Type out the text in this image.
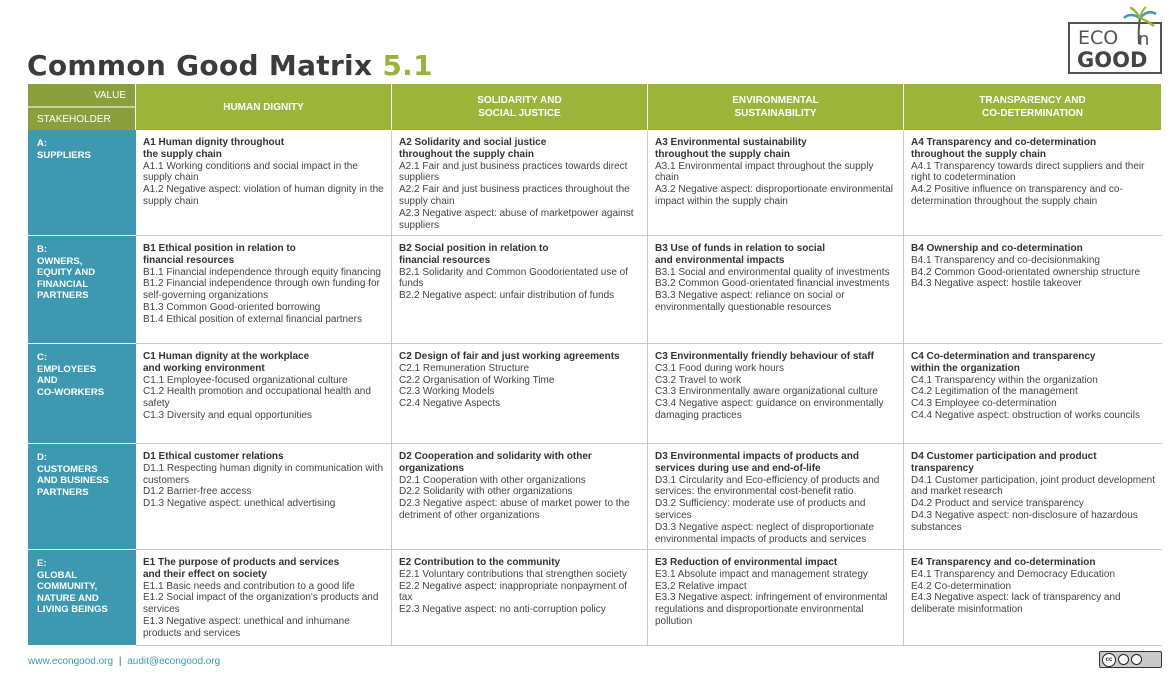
Common Good Matrix 5.1
ECO n
GOOD
VALUE
STAKEHOLDER
HUMAN DIGNITY
SOLIDARITY AND
SOCIAL JUSTICE
ENVIRONMENTAL
SUSTAINABILITY
TRANSPARENCY AND
CO-DETERMINATION
A:
SUPPLIERS
A1 Human dignity throughout
the supply chain
A1.1 Working conditions and social impact in the supply chain
A1.2 Negative aspect: violation of human dignity in the supply chain
A2 Solidarity and social justice
throughout the supply chain
A2.1 Fair and just business practices towards direct suppliers
A2.2 Fair and just business practices throughout the supply chain
A2.3 Negative aspect: abuse of marketpower against suppliers
A3 Environmental sustainability
throughout the supply chain
A3.1 Environmental impact throughout the supply chain
A3.2 Negative aspect: disproportionate environmental impact within the supply chain
A4 Transparency and co-determination
throughout the supply chain
A4.1 Transparency towards direct suppliers and their right to codetermination
A4.2 Positive influence on transparency and co-determination throughout the supply chain
B:
OWNERS,
EQUITY AND
FINANCIAL
PARTNERS
B1 Ethical position in relation to
financial resources
B1.1 Financial independence through equity financing
B1.2 Financial independence through own funding for self-governing organizations
B1.3 Common Good-oriented borrowing
B1.4 Ethical position of external financial partners
B2 Social position in relation to
financial resources
B2.1 Solidarity and Common Goodorientated use of funds
B2.2 Negative aspect: unfair distribution of funds
B3 Use of funds in relation to social
and environmental impacts
B3.1 Social and environmental quality of investments
B3.2 Common Good-orientated financial investments
B3.3 Negative aspect: reliance on social or environmentally questionable resources
B4 Ownership and co-determination
B4.1 Transparency and co-decisionmaking
B4.2 Common Good-orientated ownership structure
B4.3 Negative aspect: hostile takeover
C:
EMPLOYEES
AND
CO-WORKERS
C1 Human dignity at the workplace
and working environment
C1.1 Employee-focused organizational culture
C1.2 Health promotion and occupational health and safety
C1.3 Diversity and equal opportunities
C2 Design of fair and just working agreements
C2.1 Remuneration Structure
C2.2 Organisation of Working Time
C2.3 Working Models
C2.4 Negative Aspects
C3 Environmentally friendly behaviour of staff
C3.1 Food during work hours
C3.2 Travel to work
C3.3 Environmentally aware organizational culture
C3.4 Negative aspect: guidance on environmentally damaging practices
C4 Co-determination and transparency
within the organization
C4.1 Transparency within the organization
C4.2 Legitimation of the management
C4.3 Employee co-determination
C4.4 Negative aspect: obstruction of works councils
D:
CUSTOMERS
AND BUSINESS
PARTNERS
D1 Ethical customer relations
D1.1 Respecting human dignity in communication with customers
D1.2 Barrier-free access
D1.3 Negative aspect: unethical advertising
D2 Cooperation and solidarity with other organizations
D2.1 Cooperation with other organizations
D2.2 Solidarity with other organizations
D2.3 Negative aspect: abuse of market power to the detriment of other organizations
D3 Environmental impacts of products and services during use and end-of-life
D3.1 Circularity and Eco-efficiency of products and services: the environmental cost-benefit ratio
D3.2 Sufficiency: moderate use of products and services
D3.3 Negative aspect: neglect of disproportionate environmental impacts of products and services
D4 Customer participation and product transparency
D4.1 Customer participation, joint product development and market research
D4.2 Product and service transparency
D4.3 Negative aspect: non-disclosure of hazardous substances
E:
GLOBAL
COMMUNITY,
NATURE AND
LIVING BEINGS
E1 The purpose of products and services
and their effect on society
E1.1 Basic needs and contribution to a good life
E1.2 Social impact of the organization's products and services
E1.3 Negative aspect: unethical and inhumane products and services
E2 Contribution to the community
E2.1 Voluntary contributions that strengthen society
E2.2 Negative aspect: inappropriate nonpayment of tax
E2.3 Negative aspect: no anti-corruption policy
E3 Reduction of environmental impact
E3.1 Absolute impact and management strategy
E3.2 Relative impact
E3.3 Negative aspect: infringement of environmental regulations and disproportionate environmental pollution
E4 Transparency and co-determination
E4.1 Transparency and Democracy Education
E4.2 Co-determination
E4.3 Negative aspect: lack of transparency and deliberate misinformation
www.econgood.org | audit@econgood.org	cc
